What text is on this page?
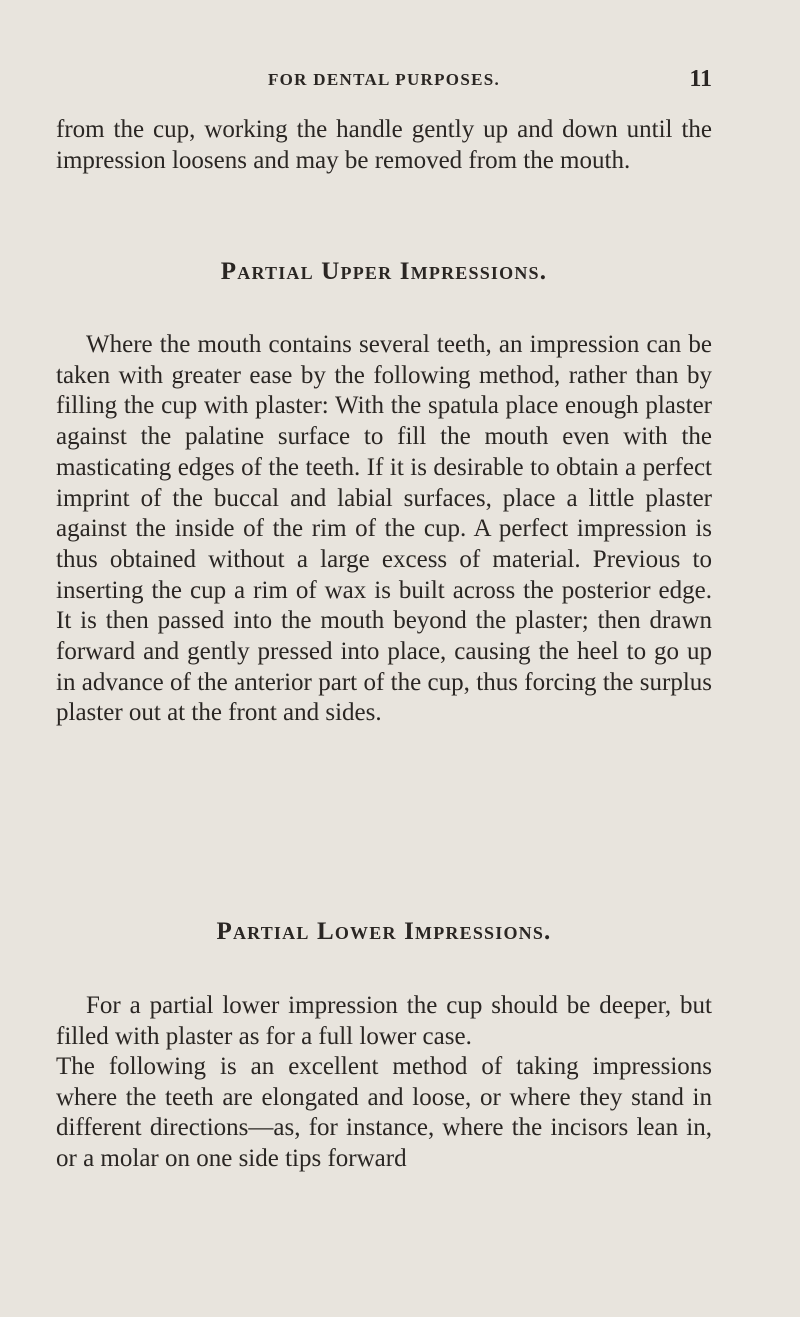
FOR DENTAL PURPOSES.	11

from the cup, working the handle gently up and down until the impression loosens and may be removed from the mouth.

Partial Upper Impressions.

Where the mouth contains several teeth, an impression can be taken with greater ease by the following method, rather than by filling the cup with plaster: With the spatula place enough plaster against the palatine surface to fill the mouth even with the masticating edges of the teeth. If it is desirable to obtain a perfect imprint of the buccal and labial surfaces, place a little plaster against the inside of the rim of the cup. A perfect impression is thus obtained without a large excess of material. Previous to inserting the cup a rim of wax is built across the posterior edge. It is then passed into the mouth beyond the plaster; then drawn forward and gently pressed into place, causing the heel to go up in advance of the anterior part of the cup, thus forcing the surplus plaster out at the front and sides.

Partial Lower Impressions.

For a partial lower impression the cup should be deeper, but filled with plaster as for a full lower case.

The following is an excellent method of taking impressions where the teeth are elongated and loose, or where they stand in different directions—as, for instance, where the incisors lean in, or a molar on one side tips forward
